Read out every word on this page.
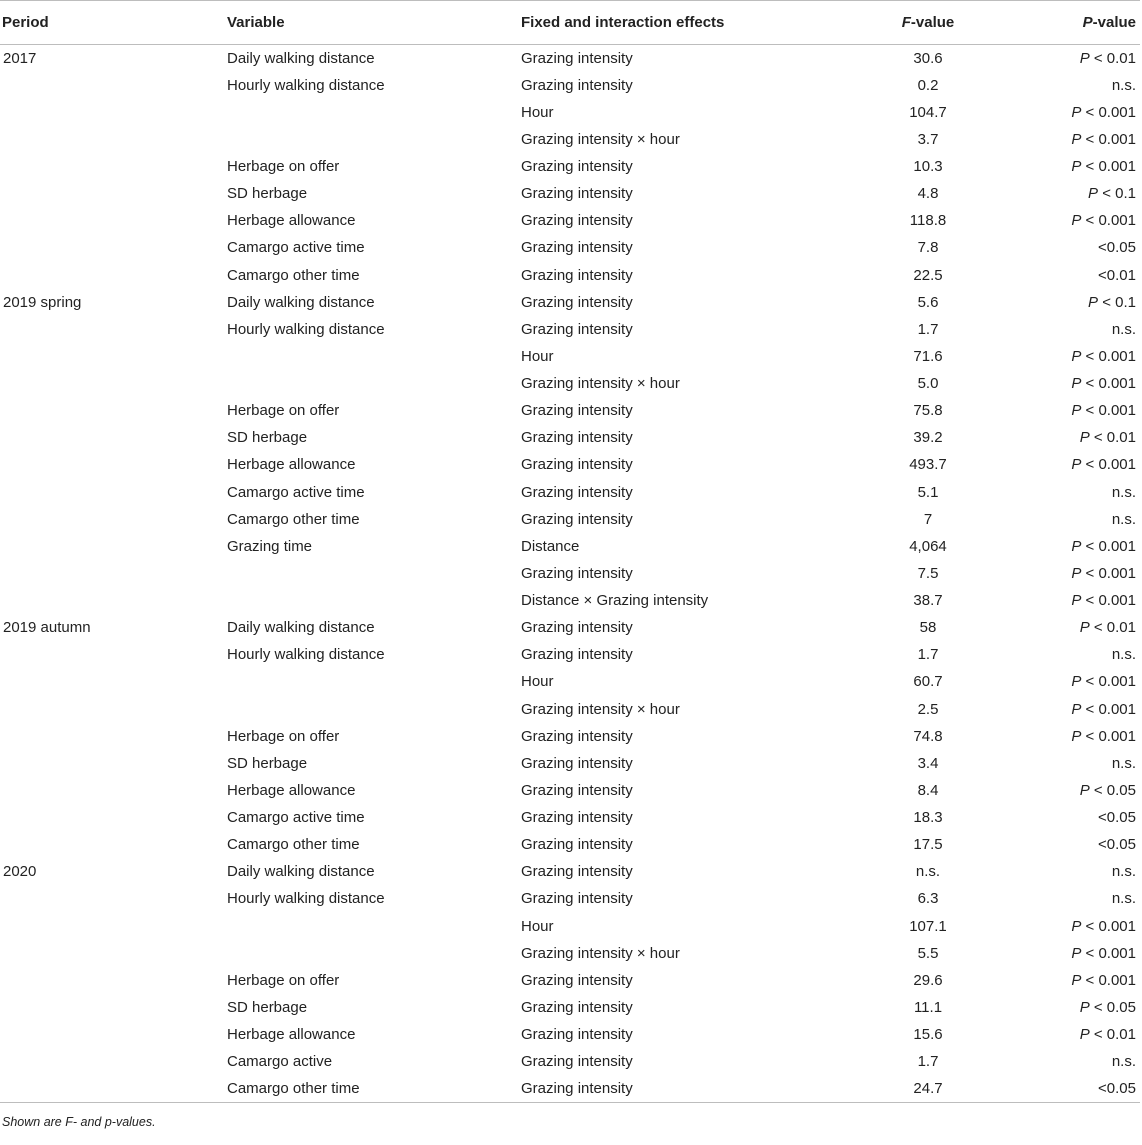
Period	Variable	Fixed and interaction effects	F-value	P-value
2017	Daily walking distance	Grazing intensity	30.6	P < 0.01
	Hourly walking distance	Grazing intensity	0.2	n.s.
		Hour	104.7	P < 0.001
		Grazing intensity × hour	3.7	P < 0.001
	Herbage on offer	Grazing intensity	10.3	P < 0.001
	SD herbage	Grazing intensity	4.8	P < 0.1
	Herbage allowance	Grazing intensity	118.8	P < 0.001
	Camargo active time	Grazing intensity	7.8	<0.05
	Camargo other time	Grazing intensity	22.5	<0.01
2019 spring	Daily walking distance	Grazing intensity	5.6	P < 0.1
	Hourly walking distance	Grazing intensity	1.7	n.s.
		Hour	71.6	P < 0.001
		Grazing intensity × hour	5.0	P < 0.001
	Herbage on offer	Grazing intensity	75.8	P < 0.001
	SD herbage	Grazing intensity	39.2	P < 0.01
	Herbage allowance	Grazing intensity	493.7	P < 0.001
	Camargo active time	Grazing intensity	5.1	n.s.
	Camargo other time	Grazing intensity	7	n.s.
	Grazing time	Distance	4,064	P < 0.001
		Grazing intensity	7.5	P < 0.001
		Distance × Grazing intensity	38.7	P < 0.001
2019 autumn	Daily walking distance	Grazing intensity	58	P < 0.01
	Hourly walking distance	Grazing intensity	1.7	n.s.
		Hour	60.7	P < 0.001
		Grazing intensity × hour	2.5	P < 0.001
	Herbage on offer	Grazing intensity	74.8	P < 0.001
	SD herbage	Grazing intensity	3.4	n.s.
	Herbage allowance	Grazing intensity	8.4	P < 0.05
	Camargo active time	Grazing intensity	18.3	<0.05
	Camargo other time	Grazing intensity	17.5	<0.05
2020	Daily walking distance	Grazing intensity	n.s.	n.s.
	Hourly walking distance	Grazing intensity	6.3	n.s.
		Hour	107.1	P < 0.001
		Grazing intensity × hour	5.5	P < 0.001
	Herbage on offer	Grazing intensity	29.6	P < 0.001
	SD herbage	Grazing intensity	11.1	P < 0.05
	Herbage allowance	Grazing intensity	15.6	P < 0.01
	Camargo active	Grazing intensity	1.7	n.s.
	Camargo other time	Grazing intensity	24.7	<0.05
Shown are F- and p-values.
